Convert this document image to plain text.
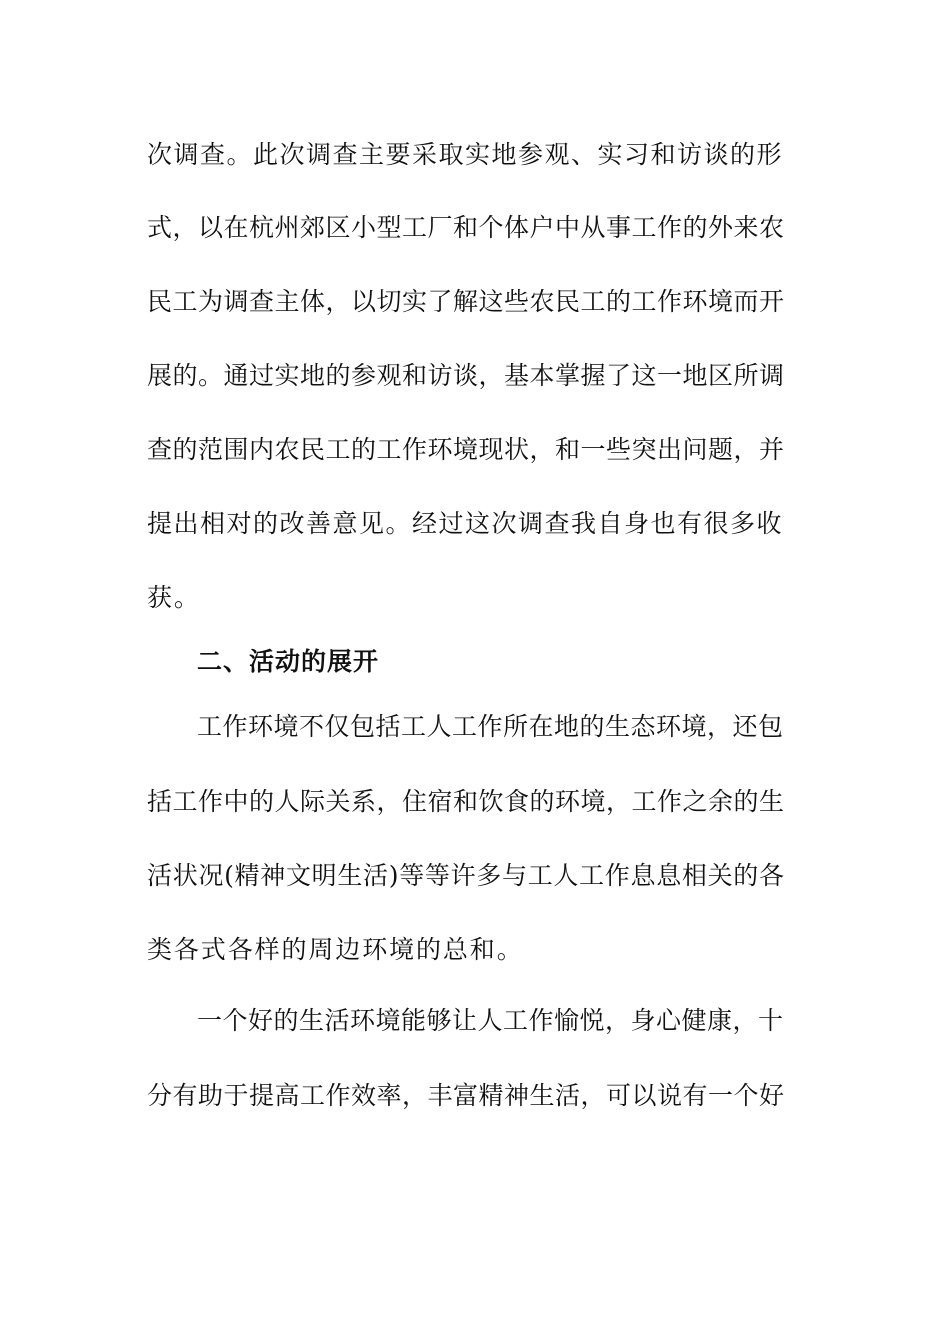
次调查。此次调查主要采取实地参观、实习和访谈的形
式，以在杭州郊区小型工厂和个体户中从事工作的外来农
民工为调查主体，以切实了解这些农民工的工作环境而开
展的。通过实地的参观和访谈，基本掌握了这一地区所调
查的范围内农民工的工作环境现状，和一些突出问题，并
提出相对的改善意见。经过这次调查我自身也有很多收
获。
二、活动的展开
工作环境不仅包括工人工作所在地的生态环境，还包
括工作中的人际关系，住宿和饮食的环境，工作之余的生
活状况(精神文明生活)等等许多与工人工作息息相关的各
类各式各样的周边环境的总和。
一个好的生活环境能够让人工作愉悦，身心健康，十
分有助于提高工作效率，丰富精神生活，可以说有一个好
